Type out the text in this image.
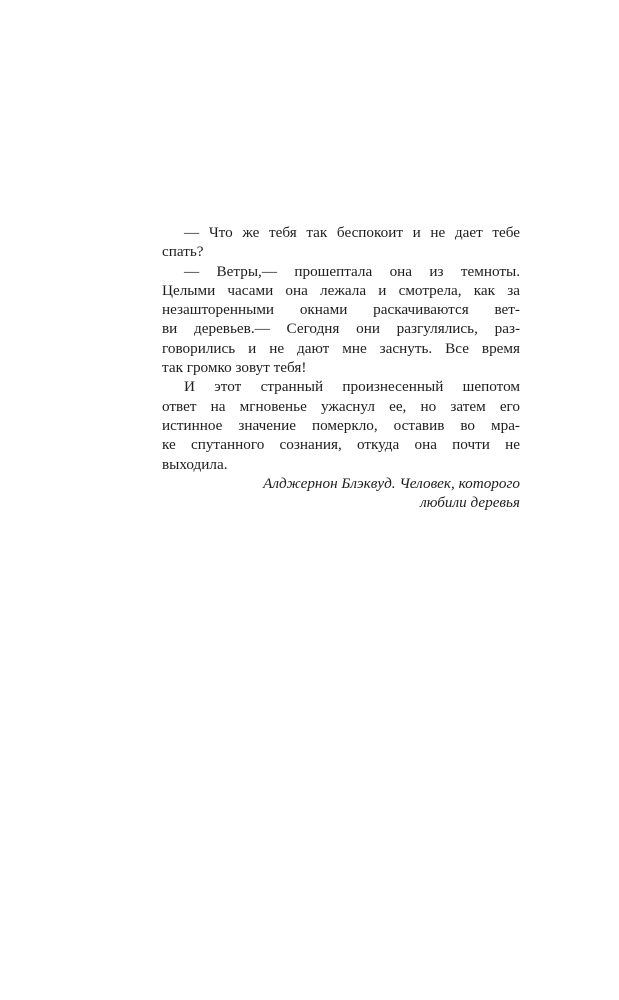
— Что же тебя так беспокоит и не дает тебе
спать?

— Ветры,— прошептала она из темноты.
Целыми часами она лежала и смотрела, как за
незашторенными окнами раскачиваются вет-
ви деревьев.— Сегодня они разгулялись, раз-
говорились и не дают мне заснуть. Все время
так громко зовут тебя!

И этот странный произнесенный шепотом
ответ на мгновенье ужаснул ее, но затем его
истинное значение померкло, оставив во мра-
ке спутанного сознания, откуда она почти не
выходила.

Алджернон Блэквуд. Человек, которого
любили деревья
